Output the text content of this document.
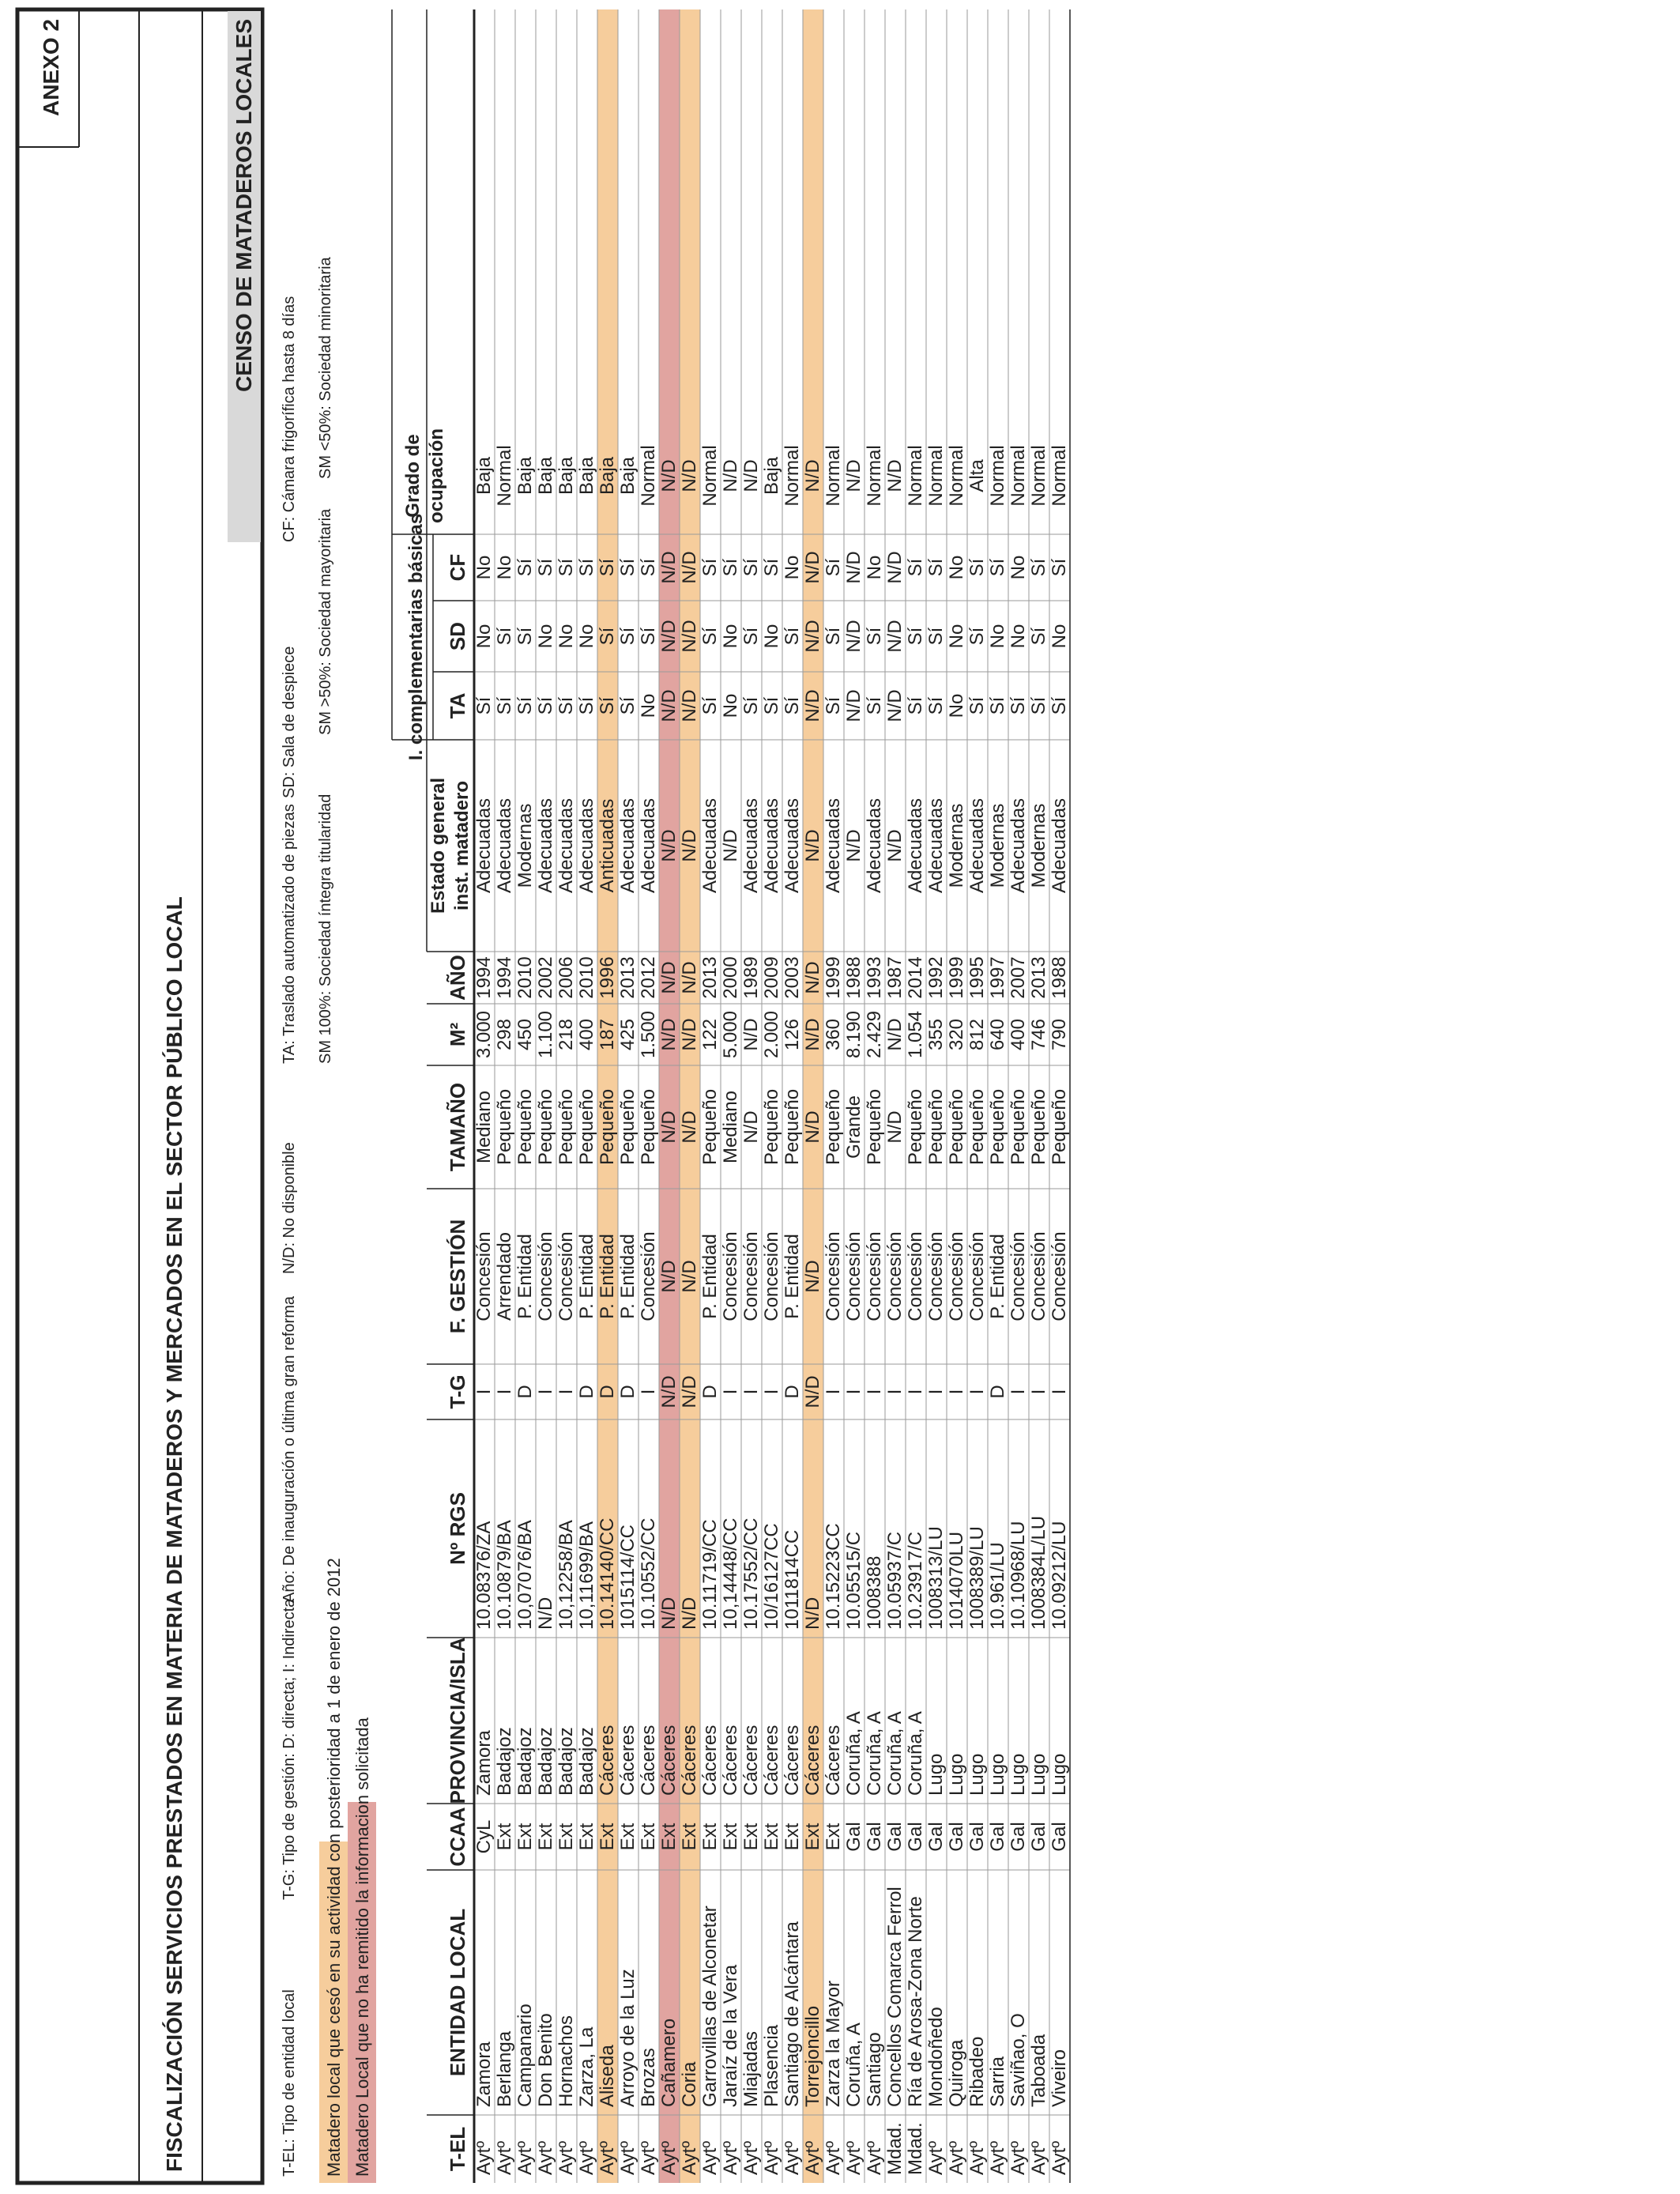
ANEXO 2
FISCALIZACIÓN SERVICIOS PRESTADOS EN MATERIA DE MATADEROS Y MERCADOS EN EL SECTOR PÚBLICO LOCAL
CENSO DE MATADEROS LOCALES
T-EL: Tipo de entidad local
T-G: Tipo de gestión: D: directa; I: Indirecta
Año: De inauguración o última gran reforma
N/D: No disponible
TA: Traslado automatizado de piezas
SD: Sala de despiece
CF: Cámara frigorífica hasta 8 días
SM 100%: Sociedad íntegra titularidad
SM >50%: Sociedad mayoritaria
SM <50%: Sociedad minoritaria
Matadero local que cesó en su actividad con posterioridad a 1 de enero de 2012 Matadero Local que no ha remitido la informacion solicitada	T-EL
ENTIDAD LOCAL
CCAA
PROVINCIA/ISLA
Nº RGS
T-G
F. GESTIÓN
TAMAÑO
M²
AÑO
Estado general inst. matadero
I. complementarias básicas TA
SD
CF
Grado de ocupación
Aytº
Zamora
CyL
Zamora
10.08376/ZA
I
Concesión
Mediano
3.000
1994
Adecuadas
Sí
No
No
Baja
Aytº
Berlanga
Ext
Badajoz
10.10879/BA
I
Arrendado
Pequeño
298
1994
Adecuadas
Sí
Sí
No
Normal
Aytº
Campanario
Ext
Badajoz
10,07076/BA
D
P. Entidad
Pequeño
450
2010
Modernas
Sí
Sí
Sí
Baja
Aytº
Don Benito
Ext
Badajoz
N/D
I
Concesión
Pequeño
1.100
2002
Adecuadas
Sí
No
Sí
Baja
Aytº
Hornachos
Ext
Badajoz
10,12258/BA
I
Concesión
Pequeño
218
2006
Adecuadas
Sí
No
Sí
Baja
Aytº
Zarza, La
Ext
Badajoz
10,11699/BA
D
P. Entidad
Pequeño
400
2010
Adecuadas
Sí
No
Sí
Baja
Aytº
Aliseda
Ext
Cáceres
10.14140/CC
D
P. Entidad
Pequeño
187
1996
Anticuadas
Sí
Sí
Sí
Baja
Aytº
Arroyo de la Luz
Ext
Cáceres
1015114/CC
D
P. Entidad
Pequeño
425
2013
Adecuadas
Sí
Sí
Sí
Baja
Aytº
Brozas
Ext
Cáceres
10.10552/CC
I
Concesión
Pequeño
1.500
2012
Adecuadas
No
Sí
Sí
Normal
Aytº
Cañamero
Ext
Cáceres
N/D
N/D
N/D
N/D
N/D
N/D
N/D
N/D
N/D
N/D
N/D
Aytº
Coria
Ext
Cáceres
N/D
N/D
N/D
N/D
N/D
N/D
N/D
N/D
N/D
N/D
N/D
Aytº
Garrovillas de Alconetar
Ext
Cáceres
10.11719/CC
D
P. Entidad
Pequeño
122
2013
Adecuadas
Sí
Sí
Sí
Normal
Aytº
Jaraíz de la Vera
Ext
Cáceres
10,14448/CC
I
Concesión
Mediano
5.000
2000
N/D
No
No
Sí
N/D
Aytº
Miajadas
Ext
Cáceres
10.17552/CC
I
Concesión
N/D
N/D
1989
Adecuadas
Sí
Sí
Sí
N/D
Aytº
Plasencia
Ext
Cáceres
10/16127CC
I
Concesión
Pequeño
2.000
2009
Adecuadas
Sí
No
Sí
Baja
Aytº
Santiago de Alcántara
Ext
Cáceres
1011814CC
D
P. Entidad
Pequeño
126
2003
Adecuadas
Sí
Sí
No
Normal
Aytº
Torrejoncillo
Ext
Cáceres
N/D
N/D
N/D
N/D
N/D
N/D
N/D
N/D
N/D
N/D
N/D
Aytº
Zarza la Mayor
Ext
Cáceres
10.15223CC
I
Concesión
Pequeño
360
1999
Adecuadas
Sí
Sí
Sí
Normal
Aytº
Coruña, A
Gal
Coruña, A
10.05515/C
I
Concesión
Grande
8.190
1988
N/D
N/D
N/D
N/D
N/D
Aytº
Santiago
Gal
Coruña, A
1008388
I
Concesión
Pequeño
2.429
1993
Adecuadas
Sí
Sí
No
Normal
Mdad.
Concellos Comarca Ferrol
Gal
Coruña, A
10.05937/C
I
Concesión
N/D
N/D
1987
N/D
N/D
N/D
N/D
N/D
Mdad.
Ría de Arosa-Zona Norte
Gal
Coruña, A
10.23917/C
I
Concesión
Pequeño
1.054
2014
Adecuadas
Sí
Sí
Sí
Normal
Aytº
Mondoñedo
Gal
Lugo
1008313/LU
I
Concesión
Pequeño
355
1992
Adecuadas
Sí
Sí
Sí
Normal
Aytº
Quiroga
Gal
Lugo
1014070LU
I
Concesión
Pequeño
320
1999
Modernas
No
No
No
Normal
Aytº
Ribadeo
Gal
Lugo
1008389/LU
I
Concesión
Pequeño
812
1995
Adecuadas
Sí
Sí
Sí
Alta
Aytº
Sarria
Gal
Lugo
10.961/LU
D
P. Entidad
Pequeño
640
1997
Modernas
Sí
No
Sí
Normal
Aytº
Saviñao, O
Gal
Lugo
10.10968/LU
I
Concesión
Pequeño
400
2007
Adecuadas
Sí
No
No
Normal
Aytº
Taboada
Gal
Lugo
1008384L/LU
I
Concesión
Pequeño
746
2013
Modernas
Sí
Sí
Sí
Normal
Aytº
Viveiro
Gal
Lugo
10.09212/LU
I
Concesión
Pequeño
790
1988
Adecuadas
Sí
No
Sí
Normal
